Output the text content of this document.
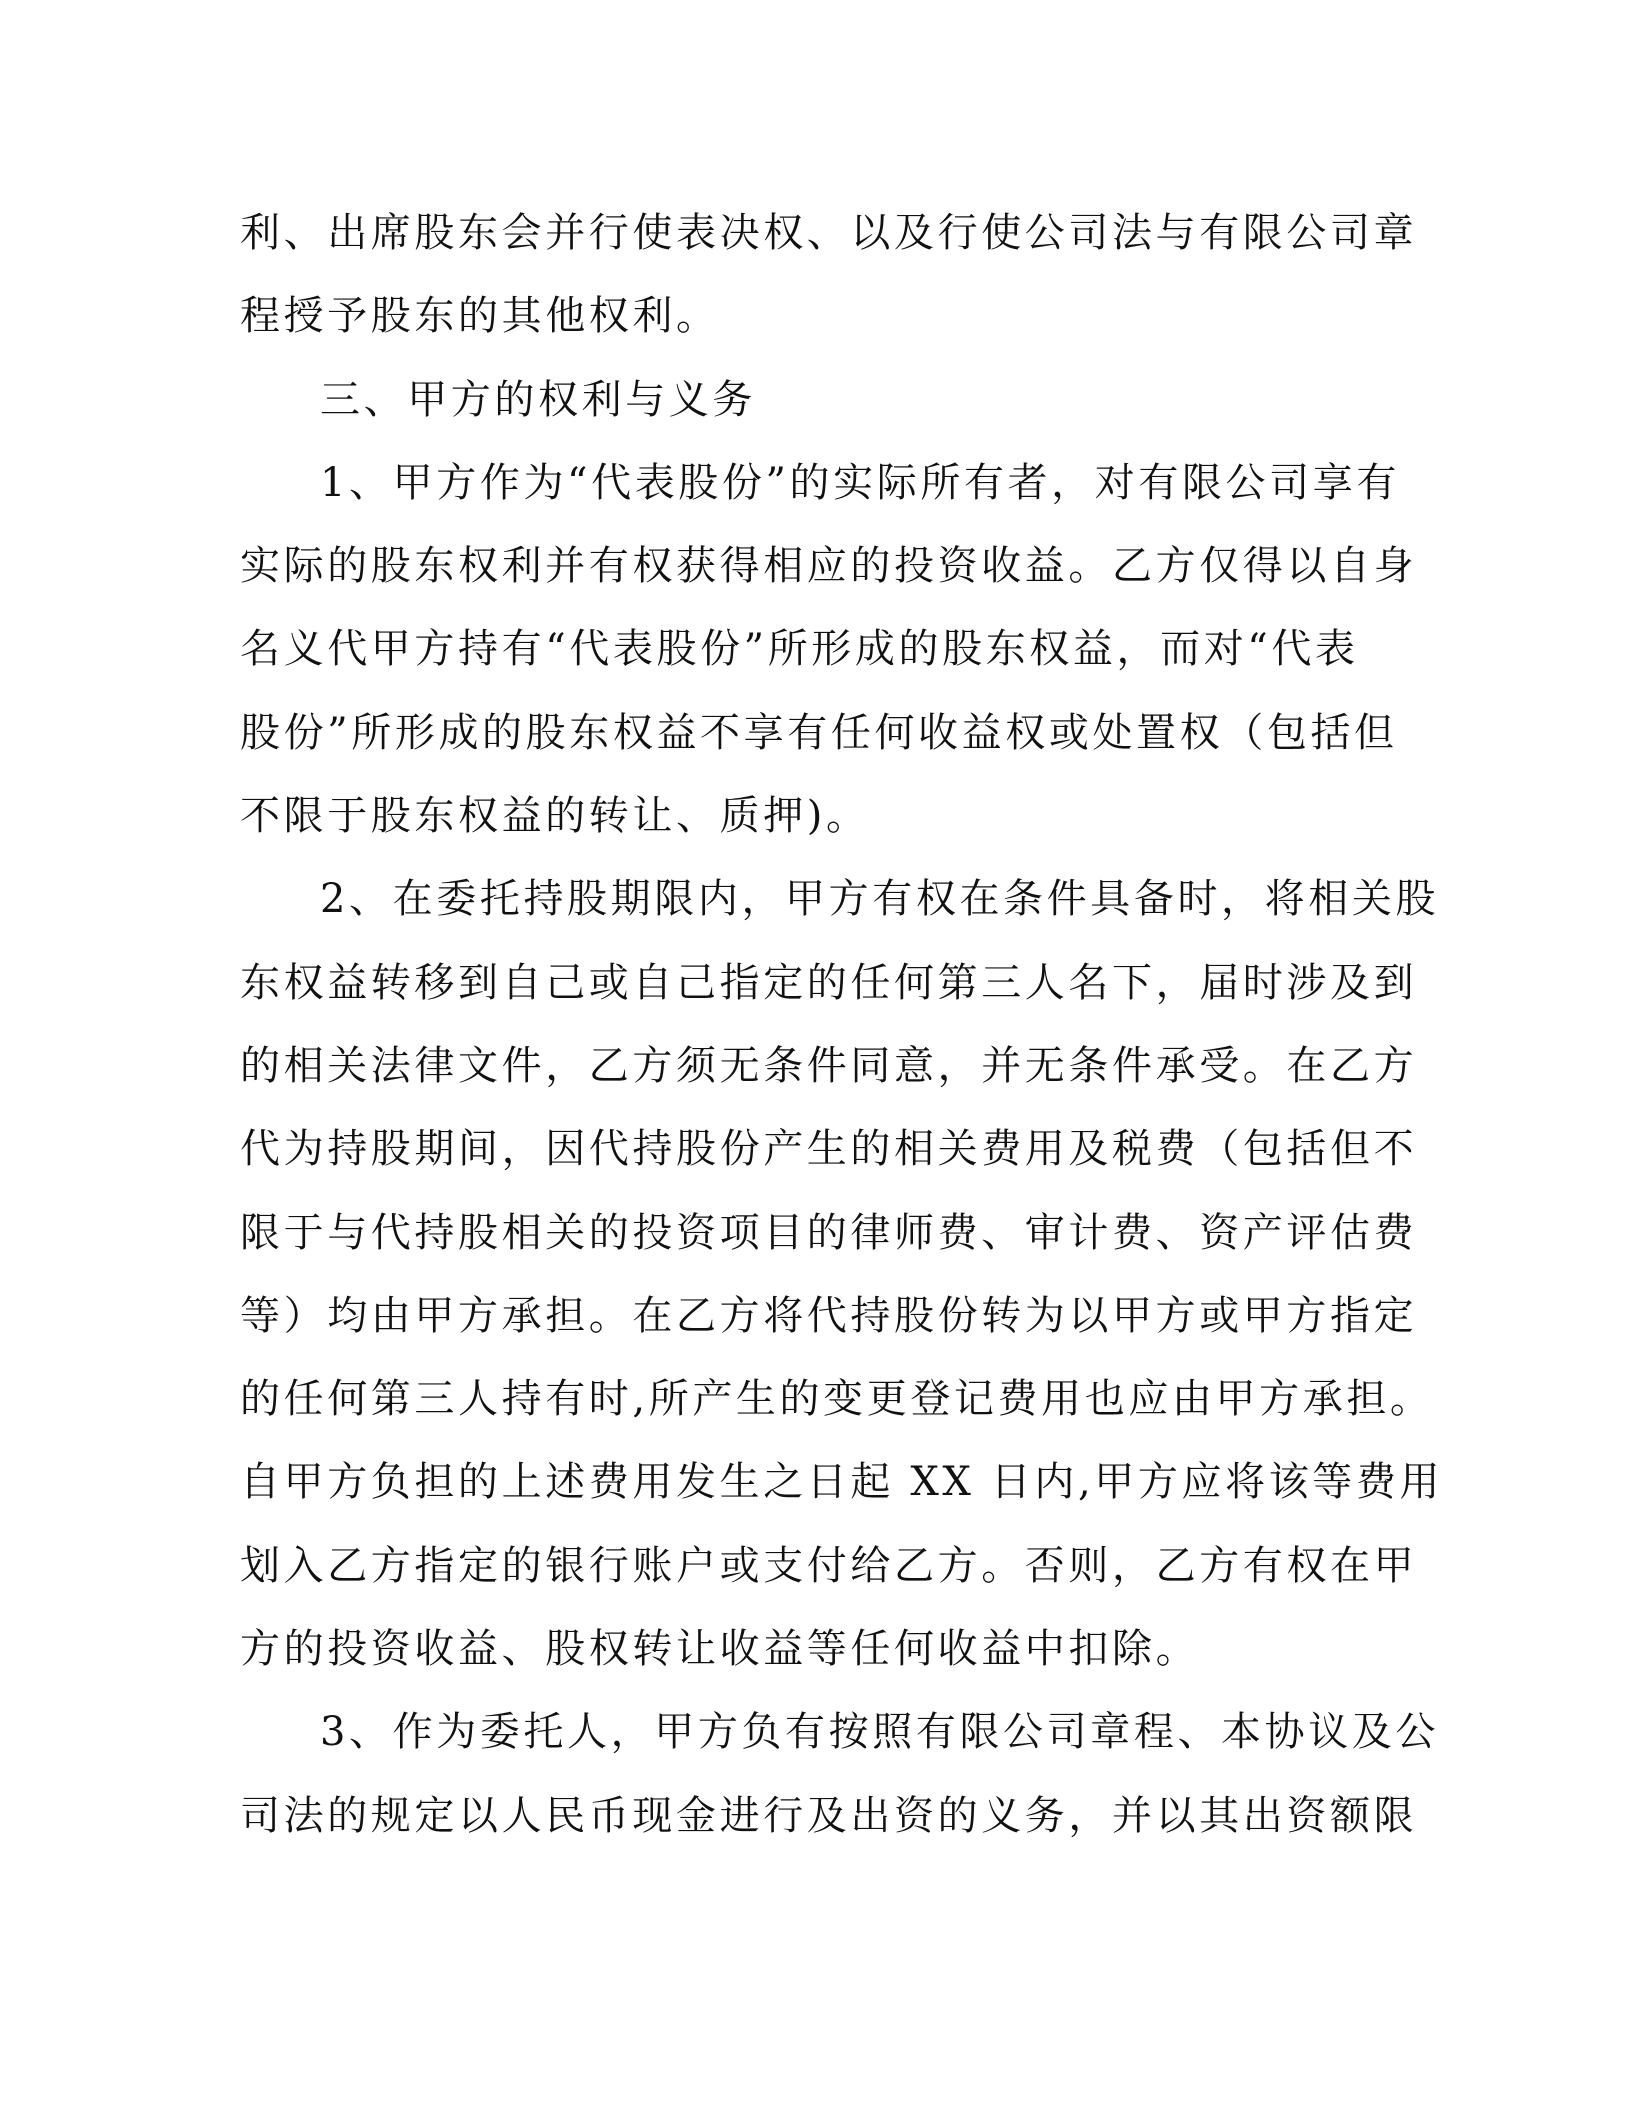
利、出席股东会并行使表决权、以及行使公司法与有限公司章
程授予股东的其他权利。
三、甲方的权利与义务
1、甲方作为“代表股份”的实际所有者，对有限公司享有
实际的股东权利并有权获得相应的投资收益。乙方仅得以自身
名义代甲方持有“代表股份”所形成的股东权益，而对“代表
股份”所形成的股东权益不享有任何收益权或处置权（包括但
不限于股东权益的转让、质押)。
2、在委托持股期限内，甲方有权在条件具备时，将相关股
东权益转移到自己或自己指定的任何第三人名下，届时涉及到
的相关法律文件，乙方须无条件同意，并无条件承受。在乙方
代为持股期间，因代持股份产生的相关费用及税费（包括但不
限于与代持股相关的投资项目的律师费、审计费、资产评估费
等）均由甲方承担。在乙方将代持股份转为以甲方或甲方指定
的任何第三人持有时,所产生的变更登记费用也应由甲方承担。
自甲方负担的上述费用发生之日起 XX 日内,甲方应将该等费用
划入乙方指定的银行账户或支付给乙方。否则，乙方有权在甲
方的投资收益、股权转让收益等任何收益中扣除。
3、作为委托人，甲方负有按照有限公司章程、本协议及公
司法的规定以人民币现金进行及出资的义务，并以其出资额限
